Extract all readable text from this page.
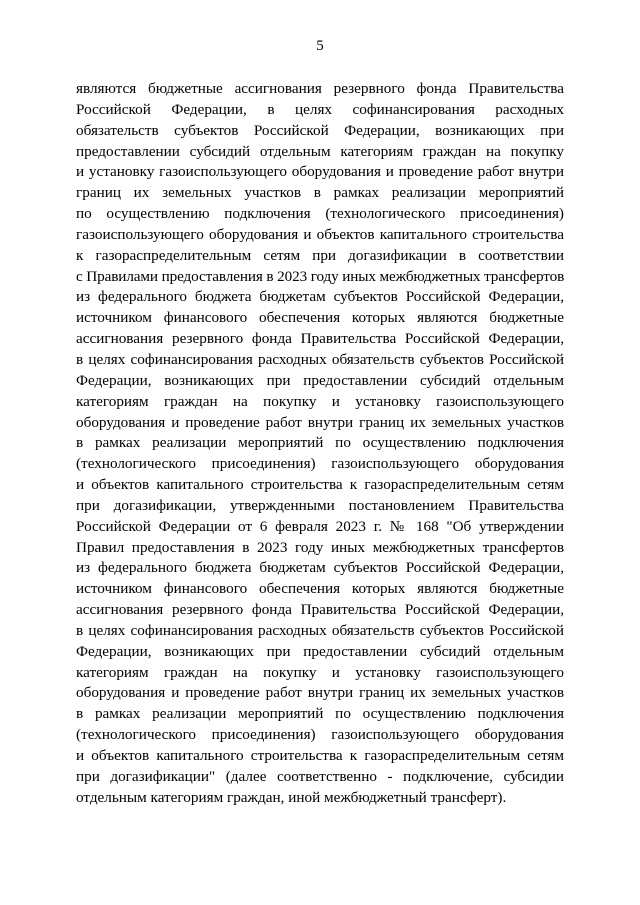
5
являются бюджетные ассигнования резервного фонда Правительства
Российской Федерации, в целях софинансирования расходных
обязательств субъектов Российской Федерации, возникающих при
предоставлении субсидий отдельным категориям граждан на покупку
и установку газоиспользующего оборудования и проведение работ внутри
границ их земельных участков в рамках реализации мероприятий
по осуществлению подключения (технологического присоединения)
газоиспользующего оборудования и объектов капитального строительства
к газораспределительным сетям при догазификации в соответствии
с Правилами предоставления в 2023 году иных межбюджетных трансфертов
из федерального бюджета бюджетам субъектов Российской Федерации,
источником финансового обеспечения которых являются бюджетные
ассигнования резервного фонда Правительства Российской Федерации,
в целях софинансирования расходных обязательств субъектов Российской
Федерации, возникающих при предоставлении субсидий отдельным
категориям граждан на покупку и установку газоиспользующего
оборудования и проведение работ внутри границ их земельных участков
в рамках реализации мероприятий по осуществлению подключения
(технологического присоединения) газоиспользующего оборудования
и объектов капитального строительства к газораспределительным сетям
при догазификации, утвержденными постановлением Правительства
Российской Федерации от 6 февраля 2023 г. № 168 "Об утверждении
Правил предоставления в 2023 году иных межбюджетных трансфертов
из федерального бюджета бюджетам субъектов Российской Федерации,
источником финансового обеспечения которых являются бюджетные
ассигнования резервного фонда Правительства Российской Федерации,
в целях софинансирования расходных обязательств субъектов Российской
Федерации, возникающих при предоставлении субсидий отдельным
категориям граждан на покупку и установку газоиспользующего
оборудования и проведение работ внутри границ их земельных участков
в рамках реализации мероприятий по осуществлению подключения
(технологического присоединения) газоиспользующего оборудования
и объектов капитального строительства к газораспределительным сетям
при догазификации" (далее соответственно - подключение, субсидии
отдельным категориям граждан, иной межбюджетный трансферт).
